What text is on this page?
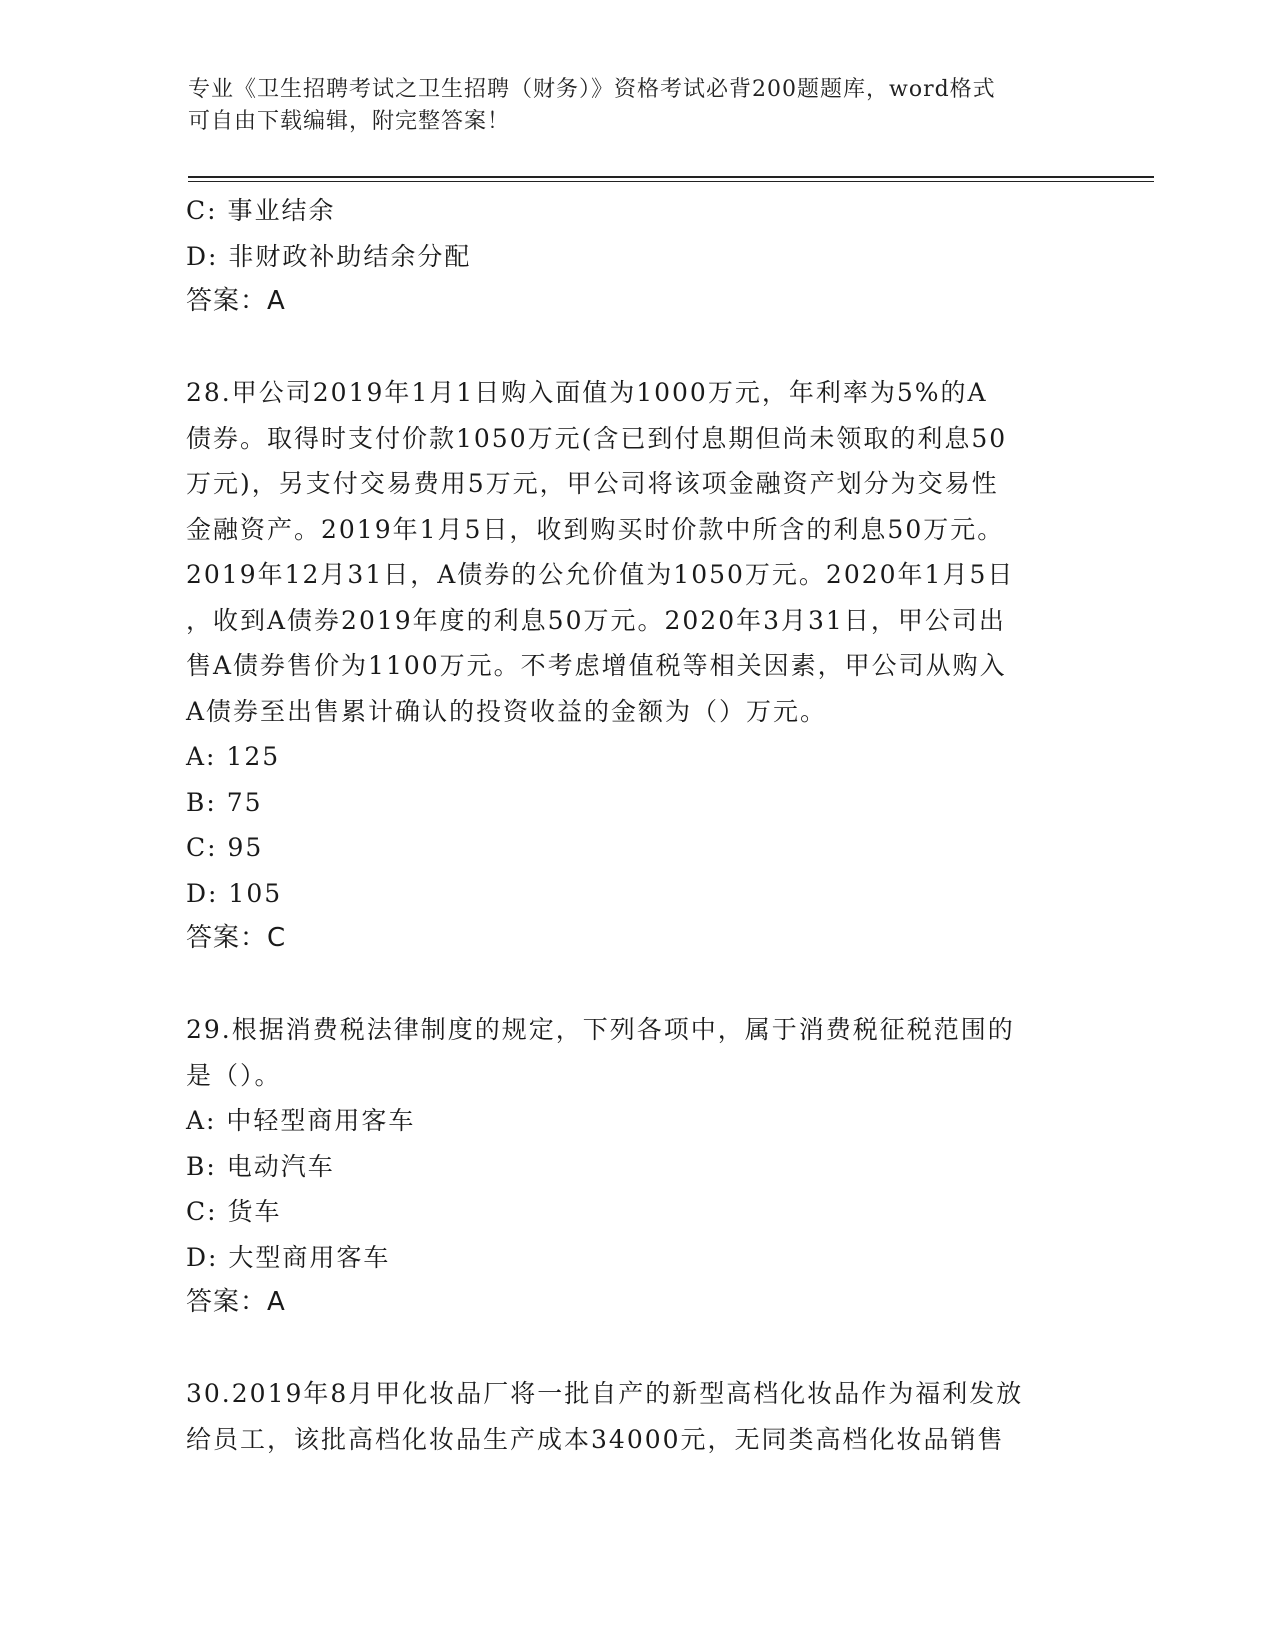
专业《卫生招聘考试之卫生招聘（财务）》资格考试必背200题题库，word格式
可自由下载编辑，附完整答案！
C: 事业结余
D: 非财政补助结余分配
答案：A
28.甲公司2019年1月1日购入面值为1000万元，年利率为5%的A
债券。取得时支付价款1050万元(含已到付息期但尚未领取的利息50
万元)，另支付交易费用5万元，甲公司将该项金融资产划分为交易性
金融资产。2019年1月5日，收到购买时价款中所含的利息50万元。
2019年12月31日，A债券的公允价值为1050万元。2020年1月5日
，收到A债券2019年度的利息50万元。2020年3月31日，甲公司出
售A债券售价为1100万元。不考虑增值税等相关因素，甲公司从购入
A债券至出售累计确认的投资收益的金额为（）万元。
A: 125
B: 75
C: 95
D: 105
答案：C
29.根据消费税法律制度的规定，下列各项中，属于消费税征税范围的
是（）。
A: 中轻型商用客车
B: 电动汽车
C: 货车
D: 大型商用客车
答案：A
30.2019年8月甲化妆品厂将一批自产的新型高档化妆品作为福利发放
给员工，该批高档化妆品生产成本34000元，无同类高档化妆品销售
